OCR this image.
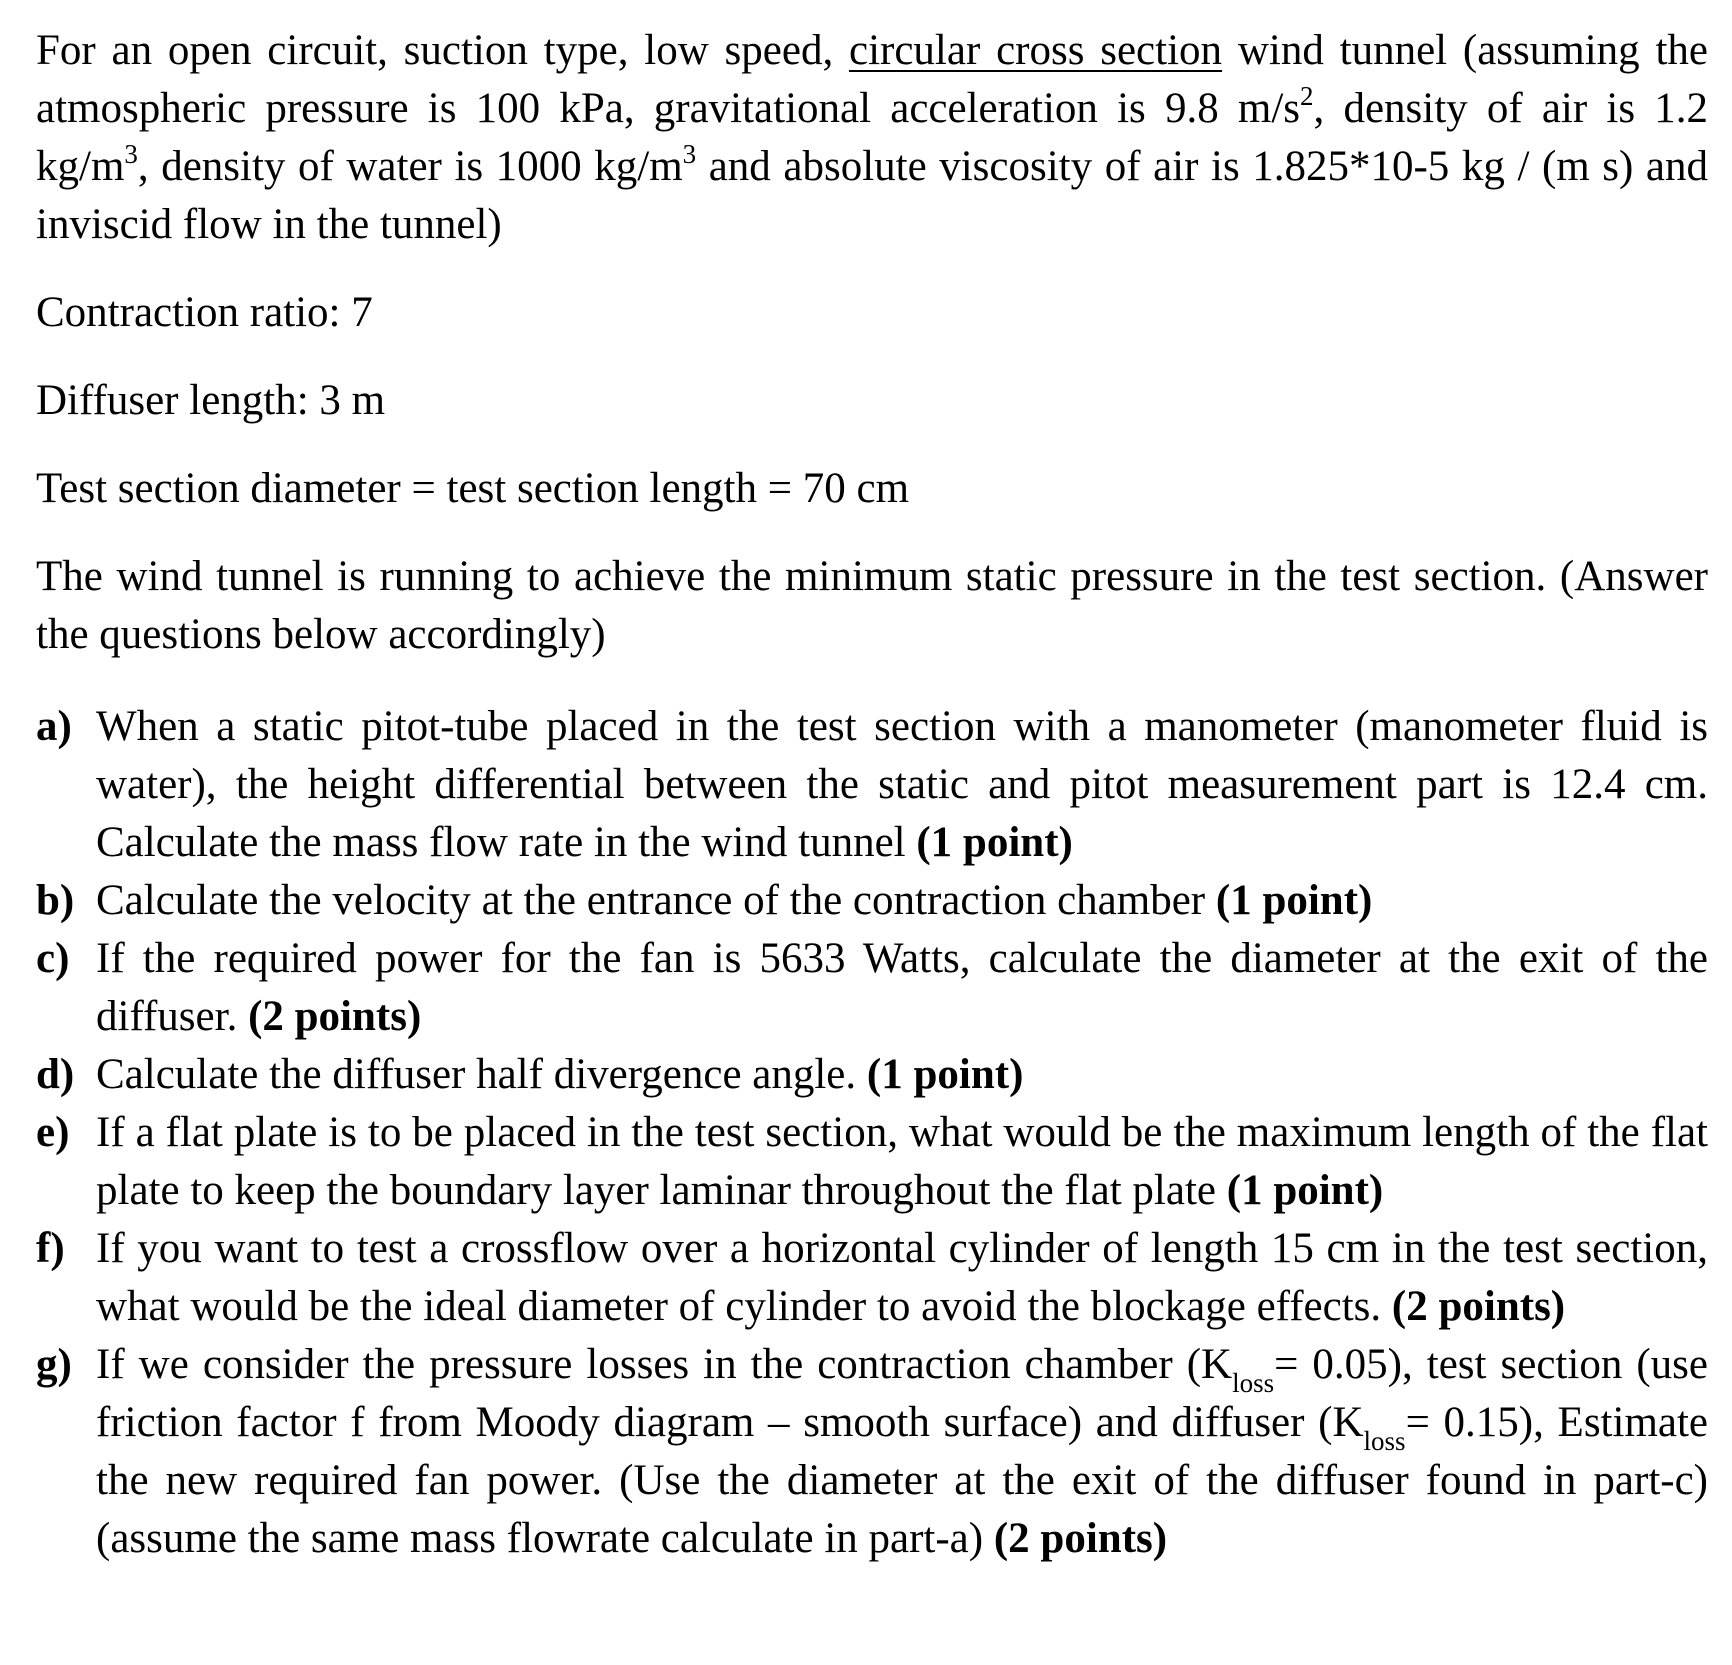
For an open circuit, suction type, low speed, circular cross section wind tunnel (assuming the atmospheric pressure is 100 kPa, gravitational acceleration is 9.8 $m/s^2$, density of air is 1.2 $kg/m^3$, density of water is 1000 $kg/m^3$ and absolute viscosity of air is 1.825*10-5 kg / (m s) and inviscid flow in the tunnel)

Contraction ratio: 7

Diffuser length: 3 m

Test section diameter = test section length = 70 cm

The wind tunnel is running to achieve the minimum static pressure in the test section. (Answer the questions below accordingly)

a) When a static pitot-tube placed in the test section with a manometer (manometer fluid is water), the height differential between the static and pitot measurement part is 12.4 cm. Calculate the mass flow rate in the wind tunnel (1 point)
b) Calculate the velocity at the entrance of the contraction chamber (1 point)
c) If the required power for the fan is 5633 Watts, calculate the diameter at the exit of the diffuser. (2 points)
d) Calculate the diffuser half divergence angle. (1 point)
e) If a flat plate is to be placed in the test section, what would be the maximum length of the flat plate to keep the boundary layer laminar throughout the flat plate (1 point)
f) If you want to test a crossflow over a horizontal cylinder of length 15 cm in the test section, what would be the ideal diameter of cylinder to avoid the blockage effects. (2 points)
g) If we consider the pressure losses in the contraction chamber $(K_{loss}= 0.05)$, test section (use friction factor f from Moody diagram – smooth surface) and diffuser $(K_{loss}= 0.15)$, Estimate the new required fan power. (Use the diameter at the exit of the diffuser found in part-c) (assume the same mass flowrate calculate in part-a) (2 points)
